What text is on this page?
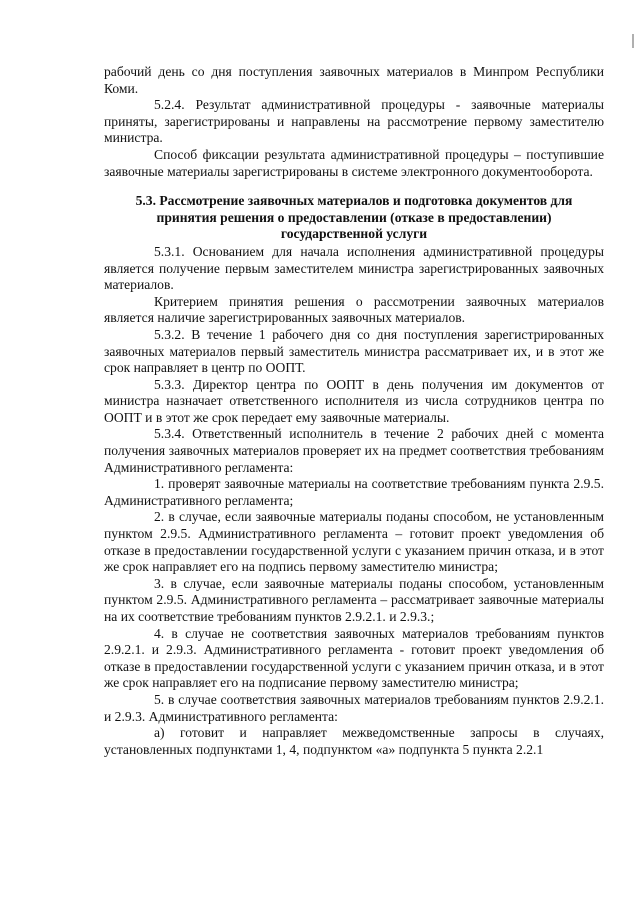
рабочий день со дня поступления заявочных материалов в Минпром Республики Коми.

5.2.4. Результат административной процедуры - заявочные материалы приняты, зарегистрированы и направлены на рассмотрение первому заместителю министра.

Способ фиксации результата административной процедуры – поступившие заявочные материалы зарегистрированы в системе электронного документооборота.

5.3. Рассмотрение заявочных материалов и подготовка документов для принятия решения о предоставлении (отказе в предоставлении) государственной услуги

5.3.1. Основанием для начала исполнения административной процедуры является получение первым заместителем министра зарегистрированных заявочных материалов.

Критерием принятия решения о рассмотрении заявочных материалов является наличие зарегистрированных заявочных материалов.

5.3.2. В течение 1 рабочего дня со дня поступления зарегистрированных заявочных материалов первый заместитель министра рассматривает их, и в этот же срок направляет в центр по ООПТ.

5.3.3. Директор центра по ООПТ в день получения им документов от министра назначает ответственного исполнителя из числа сотрудников центра по ООПТ и в этот же срок передает ему заявочные материалы.

5.3.4. Ответственный исполнитель в течение 2 рабочих дней с момента получения заявочных материалов проверяет их на предмет соответствия требованиям Административного регламента:

1. проверят заявочные материалы на соответствие требованиям пункта 2.9.5. Административного регламента;

2. в случае, если заявочные материалы поданы способом, не установленным пунктом 2.9.5. Административного регламента – готовит проект уведомления об отказе в предоставлении государственной услуги с указанием причин отказа, и в этот же срок направляет его на подпись первому заместителю министра;

3. в случае, если заявочные материалы поданы способом, установленным пунктом 2.9.5. Административного регламента – рассматривает заявочные материалы на их соответствие требованиям пунктов 2.9.2.1. и 2.9.3.;

4. в случае не соответствия заявочных материалов требованиям пунктов 2.9.2.1. и 2.9.3. Административного регламента - готовит проект уведомления об отказе в предоставлении государственной услуги с указанием причин отказа, и в этот же срок направляет его на подписание первому заместителю министра;

5. в случае соответствия заявочных материалов требованиям пунктов 2.9.2.1. и 2.9.3. Административного регламента:

а) готовит и направляет межведомственные запросы в случаях, установленных подпунктами 1, 4, подпунктом «а» подпункта 5 пункта 2.2.1
